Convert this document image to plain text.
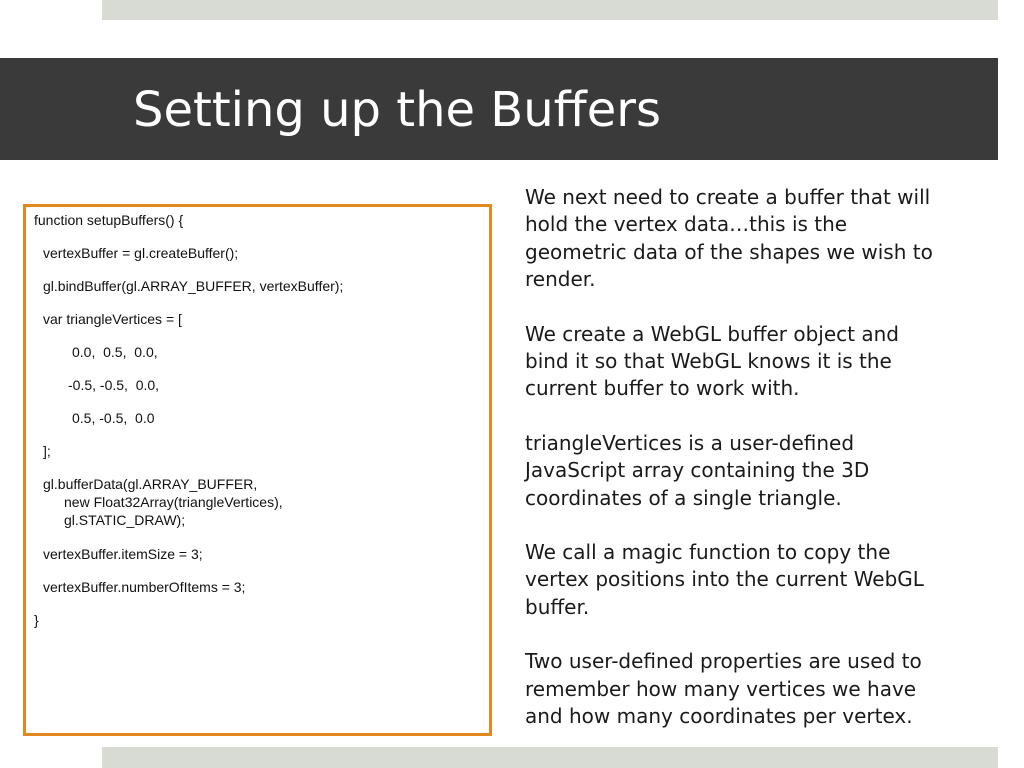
Setting up the Buffers

function setupBuffers() {

vertexBuffer = gl.createBuffer();

gl.bindBuffer(gl.ARRAY_BUFFER, vertexBuffer);

var triangleVertices = [

0.0,  0.5,  0.0,

-0.5, -0.5,  0.0,

0.5, -0.5,  0.0

];

gl.bufferData(gl.ARRAY_BUFFER,

new Float32Array(triangleVertices),

gl.STATIC_DRAW);

vertexBuffer.itemSize = 3;

vertexBuffer.numberOfItems = 3;

}

We next need to create a buffer that will
hold the vertex data…this is the
geometric data of the shapes we wish to
render.

We create a WebGL buffer object and
bind it so that WebGL knows it is the
current buffer to work with.

triangleVertices is a user-defined
JavaScript array containing the 3D
coordinates of a single triangle.

We call a magic function to copy the
vertex positions into the current WebGL
buffer.

Two user-defined properties are used to
remember how many vertices we have
and how many coordinates per vertex.
